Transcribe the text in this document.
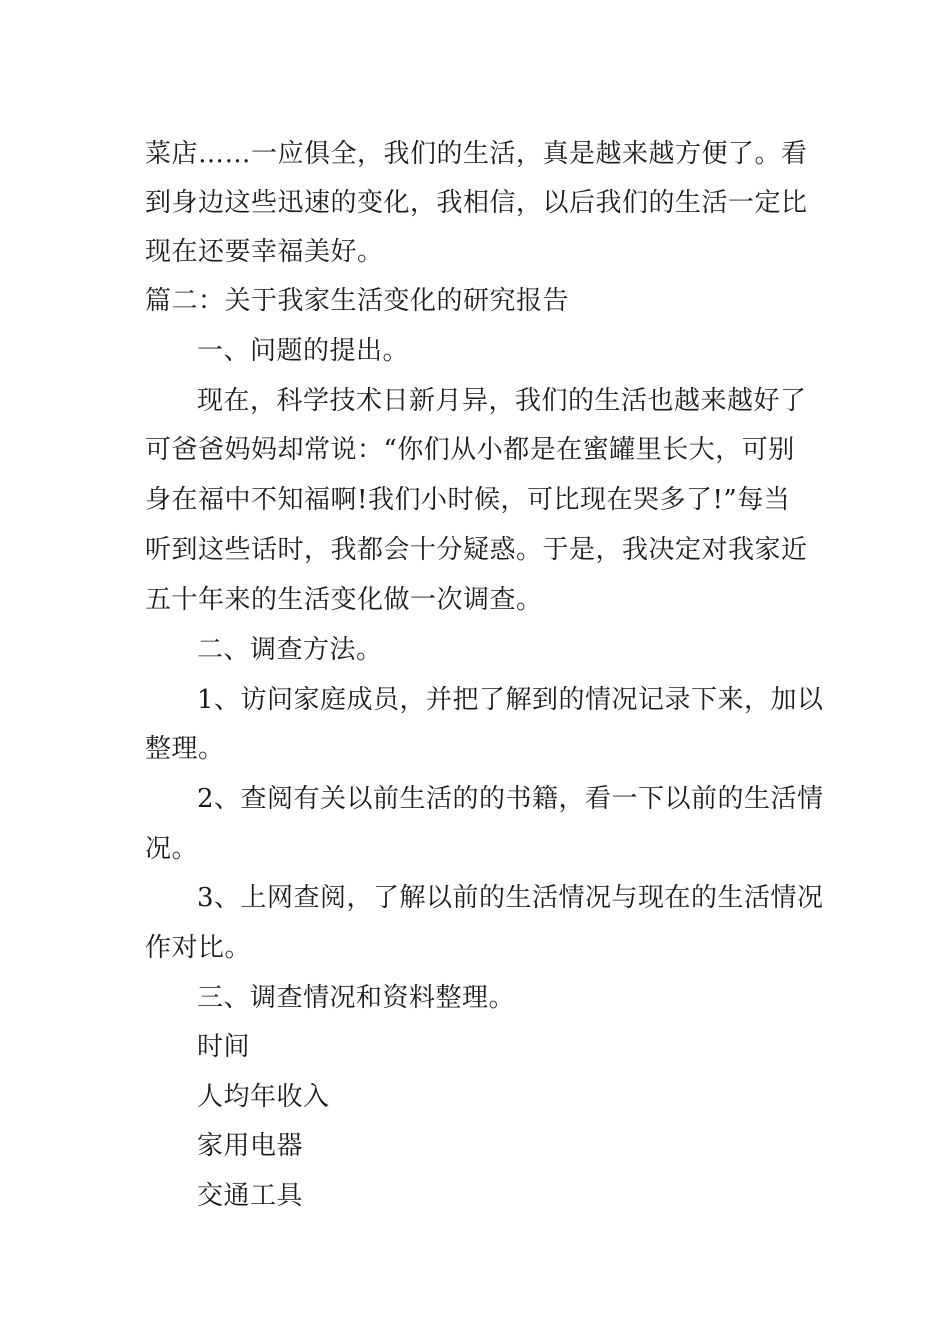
菜店……一应俱全，我们的生活，真是越来越方便了。看
到身边这些迅速的变化，我相信，以后我们的生活一定比
现在还要幸福美好。
篇二：关于我家生活变化的研究报告
一、问题的提出。
现在，科学技术日新月异，我们的生活也越来越好了
可爸爸妈妈却常说：“你们从小都是在蜜罐里长大，可别
身在福中不知福啊!我们小时候，可比现在哭多了!”每当
听到这些话时，我都会十分疑惑。于是，我决定对我家近
五十年来的生活变化做一次调查。
二、调查方法。
1、访问家庭成员，并把了解到的情况记录下来，加以
整理。
2、查阅有关以前生活的的书籍，看一下以前的生活情
况。
3、上网查阅，了解以前的生活情况与现在的生活情况
作对比。
三、调查情况和资料整理。
时间
人均年收入
家用电器
交通工具
